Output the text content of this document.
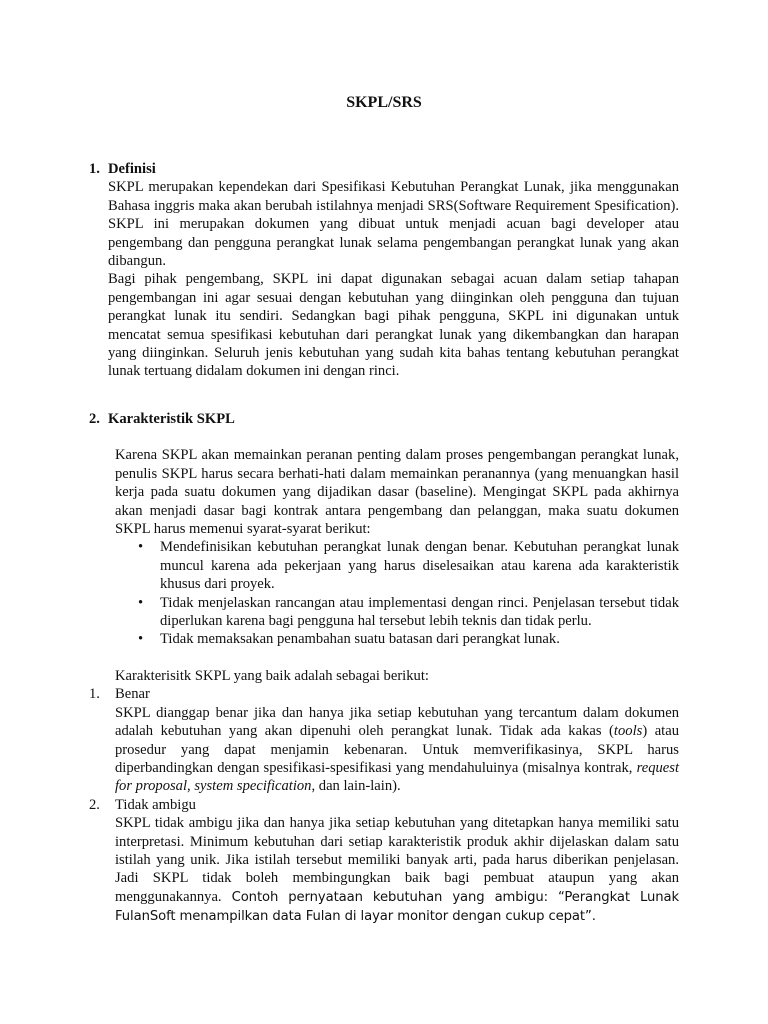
SKPL/SRS
1. Definisi

SKPL merupakan kependekan dari Spesifikasi Kebutuhan Perangkat Lunak, jika menggunakan Bahasa inggris maka akan berubah istilahnya menjadi SRS(Software Requirement Spesification). SKPL ini merupakan dokumen yang dibuat untuk menjadi acuan bagi developer atau pengembang dan pengguna perangkat lunak selama pengembangan perangkat lunak yang akan dibangun.

Bagi pihak pengembang, SKPL ini dapat digunakan sebagai acuan dalam setiap tahapan pengembangan ini agar sesuai dengan kebutuhan yang diinginkan oleh pengguna dan tujuan perangkat lunak itu sendiri. Sedangkan bagi pihak pengguna, SKPL ini digunakan untuk mencatat semua spesifikasi kebutuhan dari perangkat lunak yang dikembangkan dan harapan yang diinginkan. Seluruh jenis kebutuhan yang sudah kita bahas tentang kebutuhan perangkat lunak tertuang didalam dokumen ini dengan rinci.

2. Karakteristik SKPL

Karena SKPL akan memainkan peranan penting dalam proses pengembangan perangkat lunak, penulis SKPL harus secara berhati-hati dalam memainkan peranannya (yang menuangkan hasil kerja pada suatu dokumen yang dijadikan dasar (baseline). Mengingat SKPL pada akhirnya akan menjadi dasar bagi kontrak antara pengembang dan pelanggan, maka suatu dokumen SKPL harus memenui syarat-syarat berikut:

• Mendefinisikan kebutuhan perangkat lunak dengan benar. Kebutuhan perangkat lunak muncul karena ada pekerjaan yang harus diselesaikan atau karena ada karakteristik khusus dari proyek.
• Tidak menjelaskan rancangan atau implementasi dengan rinci. Penjelasan tersebut tidak diperlukan karena bagi pengguna hal tersebut lebih teknis dan tidak perlu.
• Tidak memaksakan penambahan suatu batasan dari perangkat lunak.

Karakterisitk SKPL yang baik adalah sebagai berikut:

1. Benar
SKPL dianggap benar jika dan hanya jika setiap kebutuhan yang tercantum dalam dokumen adalah kebutuhan yang akan dipenuhi oleh perangkat lunak. Tidak ada kakas (tools) atau prosedur yang dapat menjamin kebenaran. Untuk memverifikasinya, SKPL harus diperbandingkan dengan spesifikasi-spesifikasi yang mendahuluinya (misalnya kontrak, request for proposal, system specification, dan lain-lain).
2. Tidak ambigu
SKPL tidak ambigu jika dan hanya jika setiap kebutuhan yang ditetapkan hanya memiliki satu interpretasi. Minimum kebutuhan dari setiap karakteristik produk akhir dijelaskan dalam satu istilah yang unik. Jika istilah tersebut memiliki banyak arti, pada harus diberikan penjelasan. Jadi SKPL tidak boleh membingungkan baik bagi pembuat ataupun yang akan menggunakannya. Contoh pernyataan kebutuhan yang ambigu: “Perangkat Lunak FulanSoft menampilkan data Fulan di layar monitor dengan cukup cepat”.
